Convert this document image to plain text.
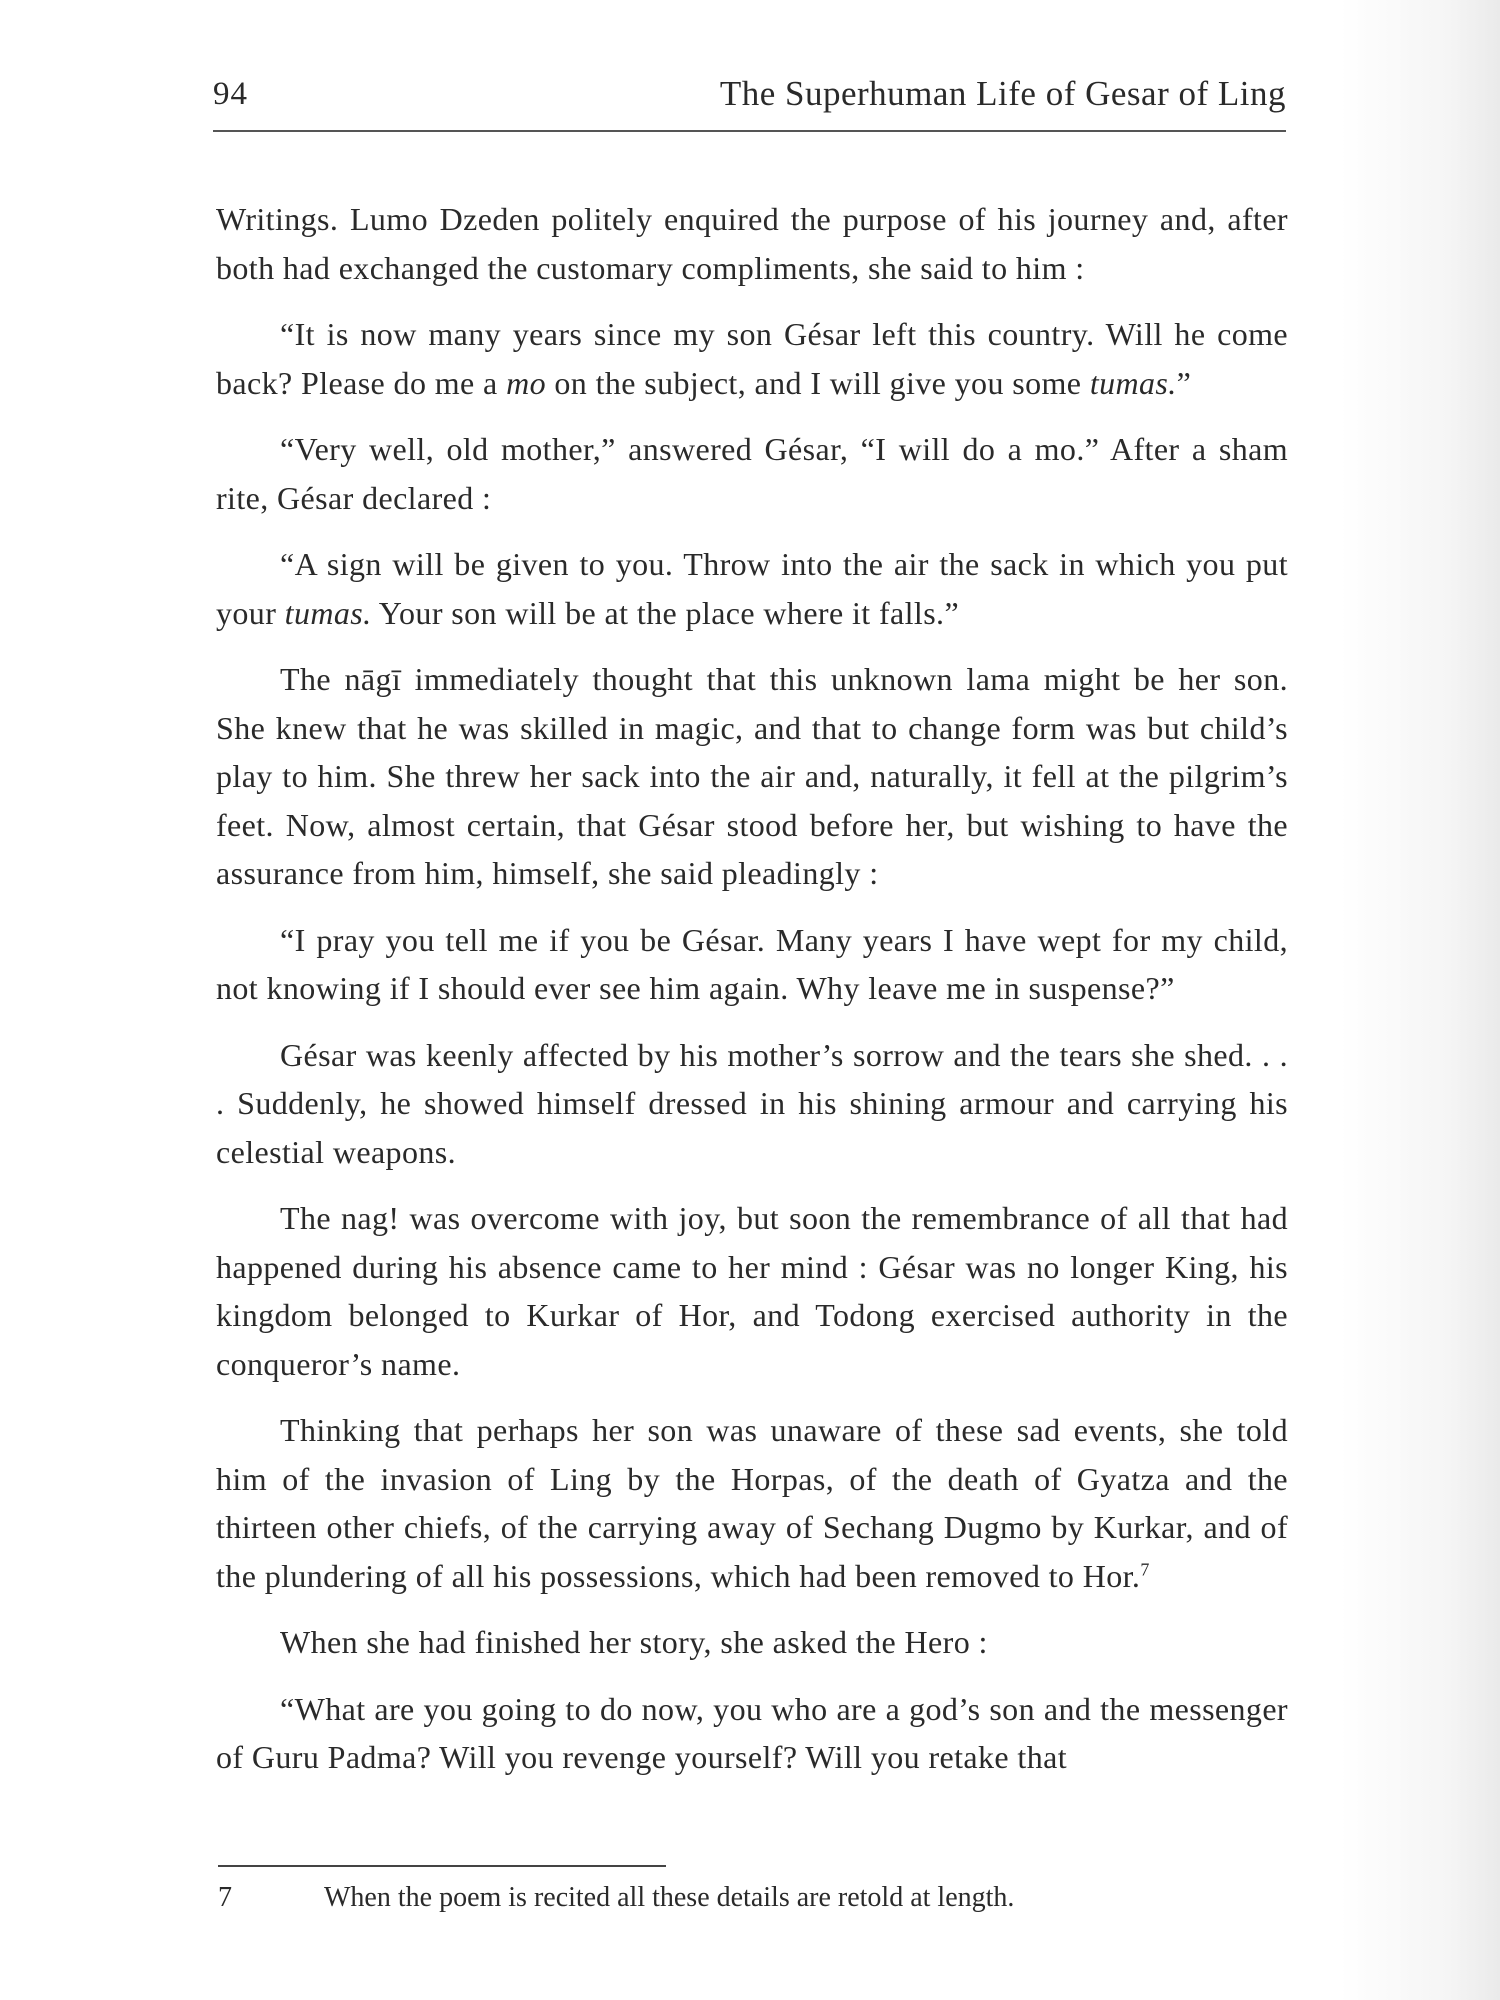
94	The Superhuman Life of Gesar of Ling

Writings. Lumo Dzeden politely enquired the purpose of his journey and, after both had exchanged the customary compliments, she said to him :

“It is now many years since my son Gésar left this country. Will he come back? Please do me a mo on the subject, and I will give you some tumas.”

“Very well, old mother,” answered Gésar, “I will do a mo.” After a sham rite, Gésar declared :

“A sign will be given to you. Throw into the air the sack in which you put your tumas. Your son will be at the place where it falls.”

The nāgī immediately thought that this unknown lama might be her son. She knew that he was skilled in magic, and that to change form was but child’s play to him. She threw her sack into the air and, naturally, it fell at the pilgrim’s feet. Now, almost certain, that Gésar stood before her, but wishing to have the assurance from him, himself, she said pleadingly :

“I pray you tell me if you be Gésar. Many years I have wept for my child, not knowing if I should ever see him again. Why leave me in suspense?”

Gésar was keenly affected by his mother’s sorrow and the tears she shed. . . . Suddenly, he showed himself dressed in his shining armour and carrying his celestial weapons.

The nag! was overcome with joy, but soon the remembrance of all that had happened during his absence came to her mind : Gésar was no longer King, his kingdom belonged to Kurkar of Hor, and Todong exercised authority in the conqueror’s name.

Thinking that perhaps her son was unaware of these sad events, she told him of the invasion of Ling by the Horpas, of the death of Gyatza and the thirteen other chiefs, of the carrying away of Sechang Dugmo by Kurkar, and of the plundering of all his possessions, which had been removed to Hor.$^7$

When she had finished her story, she asked the Hero :

“What are you going to do now, you who are a god’s son and the messenger of Guru Padma? Will you revenge yourself? Will you retake that

7	When the poem is recited all these details are retold at length.
